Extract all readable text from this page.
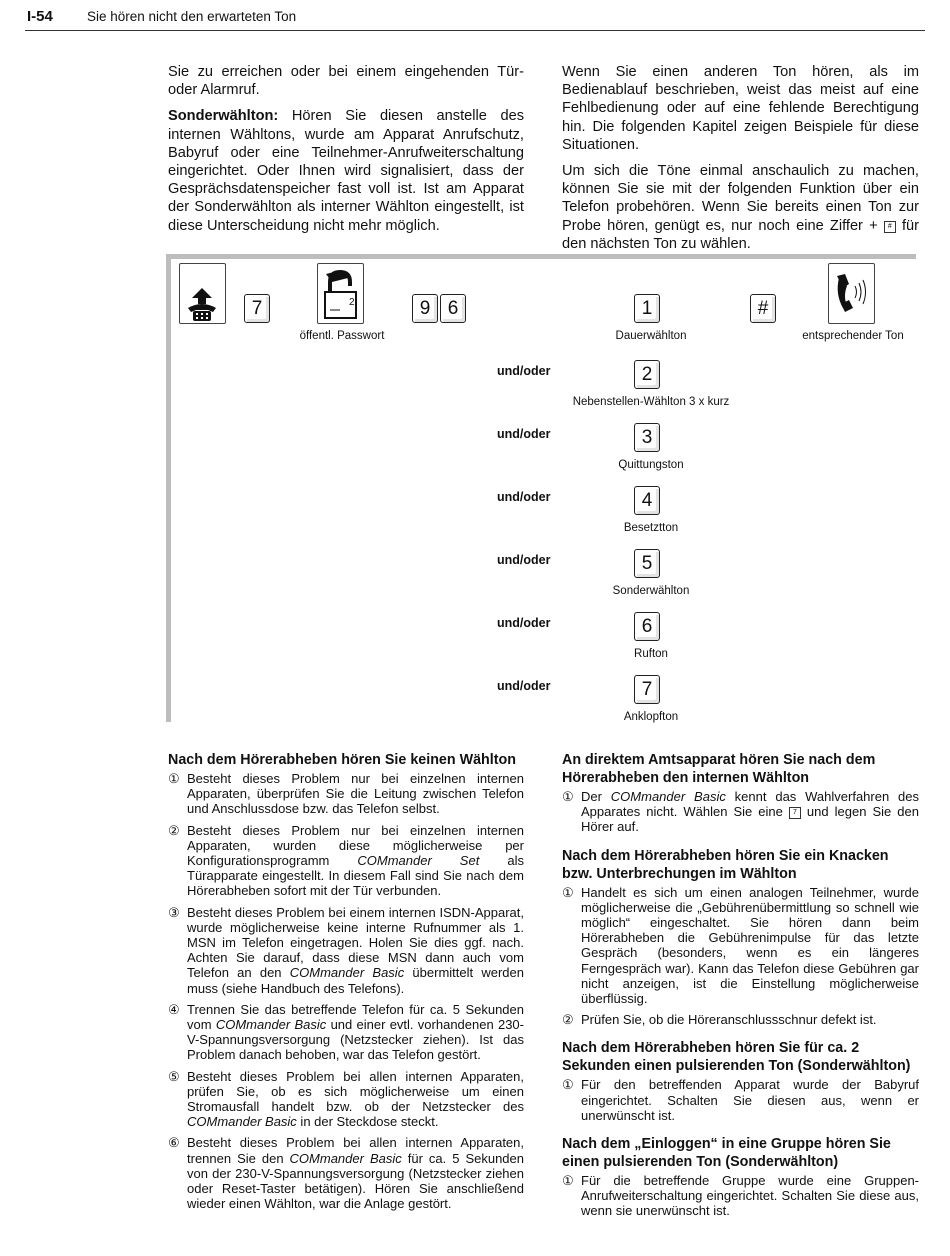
I-54	Sie hören nicht den erwarteten Ton

Sie zu erreichen oder bei einem eingehenden Tür- oder Alarmruf.

Sonderwählton: Hören Sie diesen anstelle des internen Wähltons, wurde am Apparat Anrufschutz, Babyruf oder eine Teilnehmer-Anrufweiterschaltung eingerichtet. Oder Ihnen wird signalisiert, dass der Gesprächsdatenspeicher fast voll ist. Ist am Apparat der Sonderwählton als interner Wählton eingestellt, ist diese Unterscheidung nicht mehr möglich.

Wenn Sie einen anderen Ton hören, als im Bedienablauf beschrieben, weist das meist auf eine Fehlbedienung oder auf eine fehlende Berechtigung hin. Die folgenden Kapitel zeigen Beispiele für diese Situationen.

Um sich die Töne einmal anschaulich zu machen, können Sie sie mit der folgenden Funktion über ein Telefon probehören. Wenn Sie bereits einen Ton zur Probe hören, genügt es, nur noch eine Ziffer + # für den nächsten Ton zu wählen.

7	2
öffentl. Passwort
9 6	#
entsprechender Ton
1
Dauerwählton
und/oder	2
Nebenstellen-Wählton 3 x kurz
und/oder	3
Quittungston
und/oder	4
Besetztton
und/oder	5
Sonderwählton
und/oder	6
Rufton
und/oder	7
Anklopfton
Nach dem Hörerabheben hören Sie keinen Wählton
① Besteht dieses Problem nur bei einzelnen internen Apparaten, überprüfen Sie die Leitung zwischen Telefon und Anschlussdose bzw. das Telefon selbst.
② Besteht dieses Problem nur bei einzelnen internen Apparaten, wurden diese möglicherweise per Konfigurationsprogramm COMmander Set als Türapparate eingestellt. In diesem Fall sind Sie nach dem Hörerabheben sofort mit der Tür verbunden.
③ Besteht dieses Problem bei einem internen ISDN-Apparat, wurde möglicherweise keine interne Rufnummer als 1. MSN im Telefon eingetragen. Holen Sie dies ggf. nach. Achten Sie darauf, dass diese MSN dann auch vom Telefon an den COMmander Basic übermittelt werden muss (siehe Handbuch des Telefons).
④ Trennen Sie das betreffende Telefon für ca. 5 Sekunden vom COMmander Basic und einer evtl. vorhandenen 230-V-Spannungsversorgung (Netzstecker ziehen). Ist das Problem danach behoben, war das Telefon gestört.
⑤ Besteht dieses Problem bei allen internen Apparaten, prüfen Sie, ob es sich möglicherweise um einen Stromausfall handelt bzw. ob der Netzstecker des COMmander Basic in der Steckdose steckt.
⑥ Besteht dieses Problem bei allen internen Apparaten, trennen Sie den COMmander Basic für ca. 5 Sekunden von der 230-V-Spannungsversorgung (Netzstecker ziehen oder Reset-Taster betätigen). Hören Sie anschließend wieder einen Wählton, war die Anlage gestört.
An direktem Amtsapparat hören Sie nach dem Hörerabheben den internen Wählton
① Der COMmander Basic kennt das Wahlverfahren des Apparates nicht. Wählen Sie eine 7 und legen Sie den Hörer auf.
Nach dem Hörerabheben hören Sie ein Knacken bzw. Unterbrechungen im Wählton
① Handelt es sich um einen analogen Teilnehmer, wurde möglicherweise die „Gebührenübermittlung so schnell wie möglich“ eingeschaltet. Sie hören dann beim Hörerabheben die Gebührenimpulse für das letzte Gespräch (besonders, wenn es ein längeres Ferngespräch war). Kann das Telefon diese Gebühren gar nicht anzeigen, ist die Einstellung möglicherweise überflüssig.
② Prüfen Sie, ob die Höreranschlussschnur defekt ist.
Nach dem Hörerabheben hören Sie für ca. 2 Sekunden einen pulsierenden Ton (Sonderwählton)
① Für den betreffenden Apparat wurde der Babyruf eingerichtet. Schalten Sie diesen aus, wenn er unerwünscht ist.
Nach dem „Einloggen“ in eine Gruppe hören Sie einen pulsierenden Ton (Sonderwählton)
① Für die betreffende Gruppe wurde eine Gruppen-Anrufweiterschaltung eingerichtet. Schalten Sie diese aus, wenn sie unerwünscht ist.
